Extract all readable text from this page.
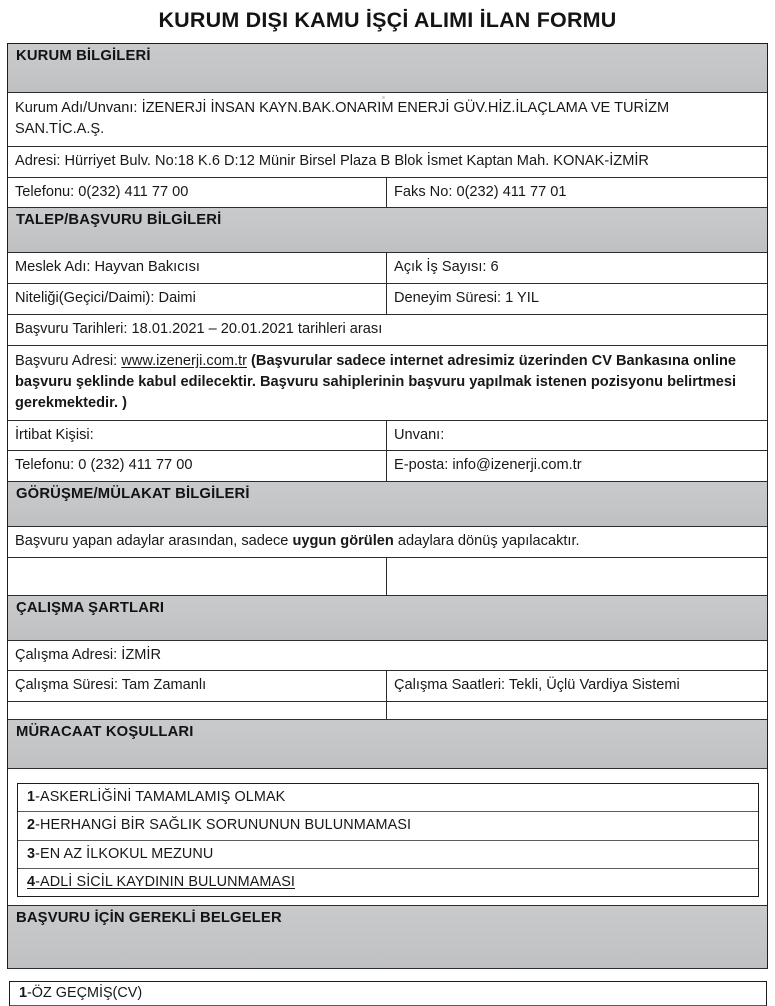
KURUM DIŞI KAMU İŞÇİ ALIMI İLAN FORMU
KURUM BİLGİLERİ
Kurum Adı/Unvanı: İZENERJİ İNSAN KAYN.BAK.ONARIM ENERJİ GÜV.HİZ.İLAÇLAMA VE TURİZM SAN.TİC.A.Ş.
Adresi: Hürriyet Bulv. No:18 K.6 D:12 Münir Birsel Plaza B Blok İsmet Kaptan Mah. KONAK-İZMİR
Telefonu: 0(232) 411 77 00	Faks No: 0(232) 411 77 01
TALEP/BAŞVURU BİLGİLERİ
Meslek Adı: Hayvan Bakıcısı	Açık İş Sayısı: 6
Niteliği(Geçici/Daimi): Daimi	Deneyim Süresi: 1 YIL
Başvuru Tarihleri: 18.01.2021 – 20.01.2021 tarihleri arası
Başvuru Adresi: www.izenerji.com.tr (Başvurular sadece internet adresimiz üzerinden CV Bankasına online başvuru şeklinde kabul edilecektir. Başvuru sahiplerinin başvuru yapılmak istenen pozisyonu belirtmesi gerekmektedir. )
İrtibat Kişisi:	Unvanı:
Telefonu: 0 (232) 411 77 00	E-posta: info@izenerji.com.tr
GÖRÜŞME/MÜLAKAT BİLGİLERİ
Başvuru yapan adaylar arasından, sadece uygun görülen adaylara dönüş yapılacaktır.
ÇALIŞMA ŞARTLARI
Çalışma Adresi: İZMİR
Çalışma Süresi: Tam Zamanlı	Çalışma Saatleri: Tekli, Üçlü Vardiya Sistemi
MÜRACAAT KOŞULLARI
1-ASKERLİĞİNİ TAMAMLAMIŞ OLMAK
2-HERHANGİ BİR SAĞLIK SORUNUNUN BULUNMAMASI
3-EN AZ İLKOKUL MEZUNU
4-ADLİ SİCİL KAYDININ BULUNMAMASI
BAŞVURU İÇİN GEREKLİ BELGELER
1-ÖZ GEÇMİŞ(CV)
